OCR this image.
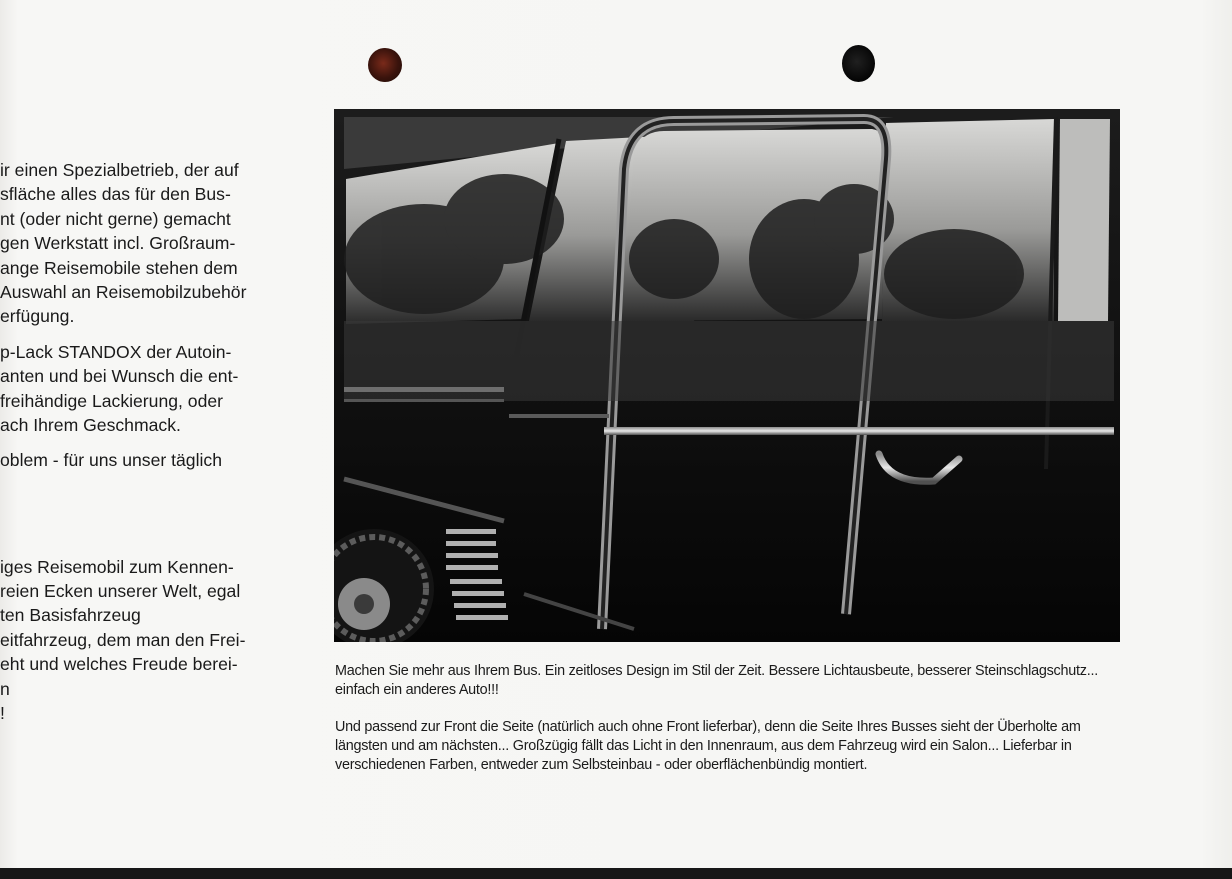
ir einen Spezialbetrieb, der auf
sfläche alles das für den Bus-
nt (oder nicht gerne) gemacht
gen Werkstatt incl. Großraum-
ange Reisemobile stehen dem
Auswahl an Reisemobilzubehör
erfügung.
p-Lack STANDOX der Autoin-
anten und bei Wunsch die ent-
freihändige Lackierung, oder
ach Ihrem Geschmack.
oblem - für uns unser täglich
iges Reisemobil zum Kennen-
reien Ecken unserer Welt, egal
ten Basisfahrzeug
eitfahrzeug, dem man den Frei-
eht und welches Freude berei-
n
!

Machen Sie mehr aus Ihrem Bus. Ein zeitloses Design im Stil der Zeit. Bessere Lichtausbeute, besserer Steinschlagschutz... einfach ein anderes Auto!!!

Und passend zur Front die Seite (natürlich auch ohne Front lieferbar), denn die Seite Ihres Busses sieht der Überholte am längsten und am nächsten... Großzügig fällt das Licht in den Innenraum, aus dem Fahrzeug wird ein Salon... Lieferbar in verschiedenen Farben, entweder zum Selbsteinbau - oder oberflächenbündig montiert.
